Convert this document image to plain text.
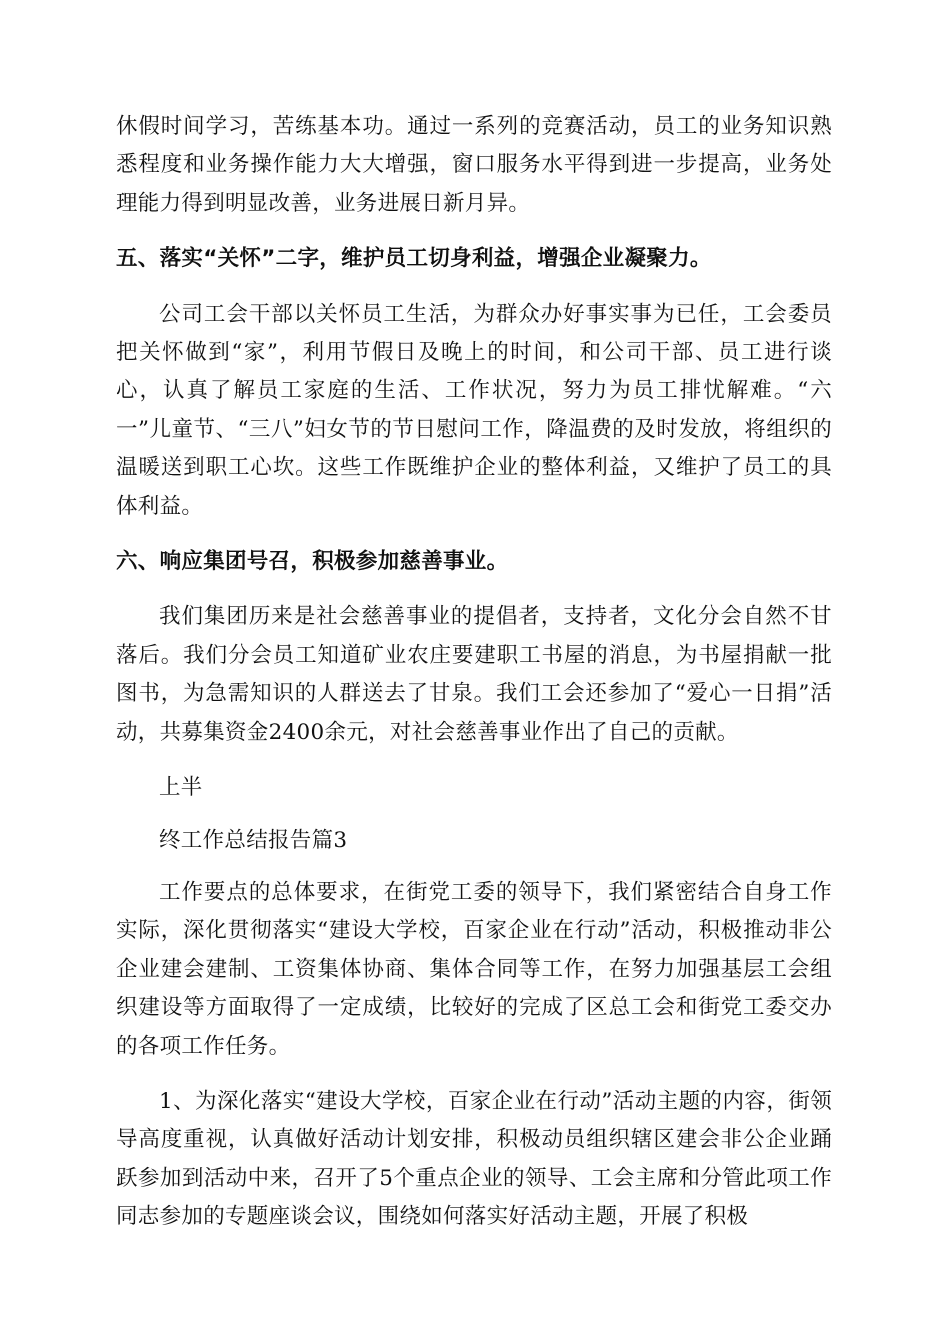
休假时间学习，苦练基本功。通过一系列的竞赛活动，员工的业务知识熟悉程度和业务操作能力大大增强，窗口服务水平得到进一步提高，业务处理能力得到明显改善，业务进展日新月异。

五、落实“关怀”二字，维护员工切身利益，增强企业凝聚力。

公司工会干部以关怀员工生活，为群众办好事实事为已任，工会委员把关怀做到“家”，利用节假日及晚上的时间，和公司干部、员工进行谈心，认真了解员工家庭的生活、工作状况，努力为员工排忧解难。“六一”儿童节、“三八”妇女节的节日慰问工作，降温费的及时发放，将组织的温暖送到职工心坎。这些工作既维护企业的整体利益，又维护了员工的具体利益。

六、响应集团号召，积极参加慈善事业。

我们集团历来是社会慈善事业的提倡者，支持者，文化分会自然不甘落后。我们分会员工知道矿业农庄要建职工书屋的消息，为书屋捐献一批图书，为急需知识的人群送去了甘泉。我们工会还参加了“爱心一日捐”活动，共募集资金2400余元，对社会慈善事业作出了自己的贡献。

上半

终工作总结报告篇3

工作要点的总体要求，在街党工委的领导下，我们紧密结合自身工作实际，深化贯彻落实“建设大学校，百家企业在行动”活动，积极推动非公企业建会建制、工资集体协商、集体合同等工作，在努力加强基层工会组织建设等方面取得了一定成绩，比较好的完成了区总工会和街党工委交办的各项工作任务。

1、为深化落实“建设大学校，百家企业在行动”活动主题的内容，街领导高度重视，认真做好活动计划安排，积极动员组织辖区建会非公企业踊跃参加到活动中来，召开了5个重点企业的领导、工会主席和分管此项工作同志参加的专题座谈会议，围绕如何落实好活动主题，开展了积极
